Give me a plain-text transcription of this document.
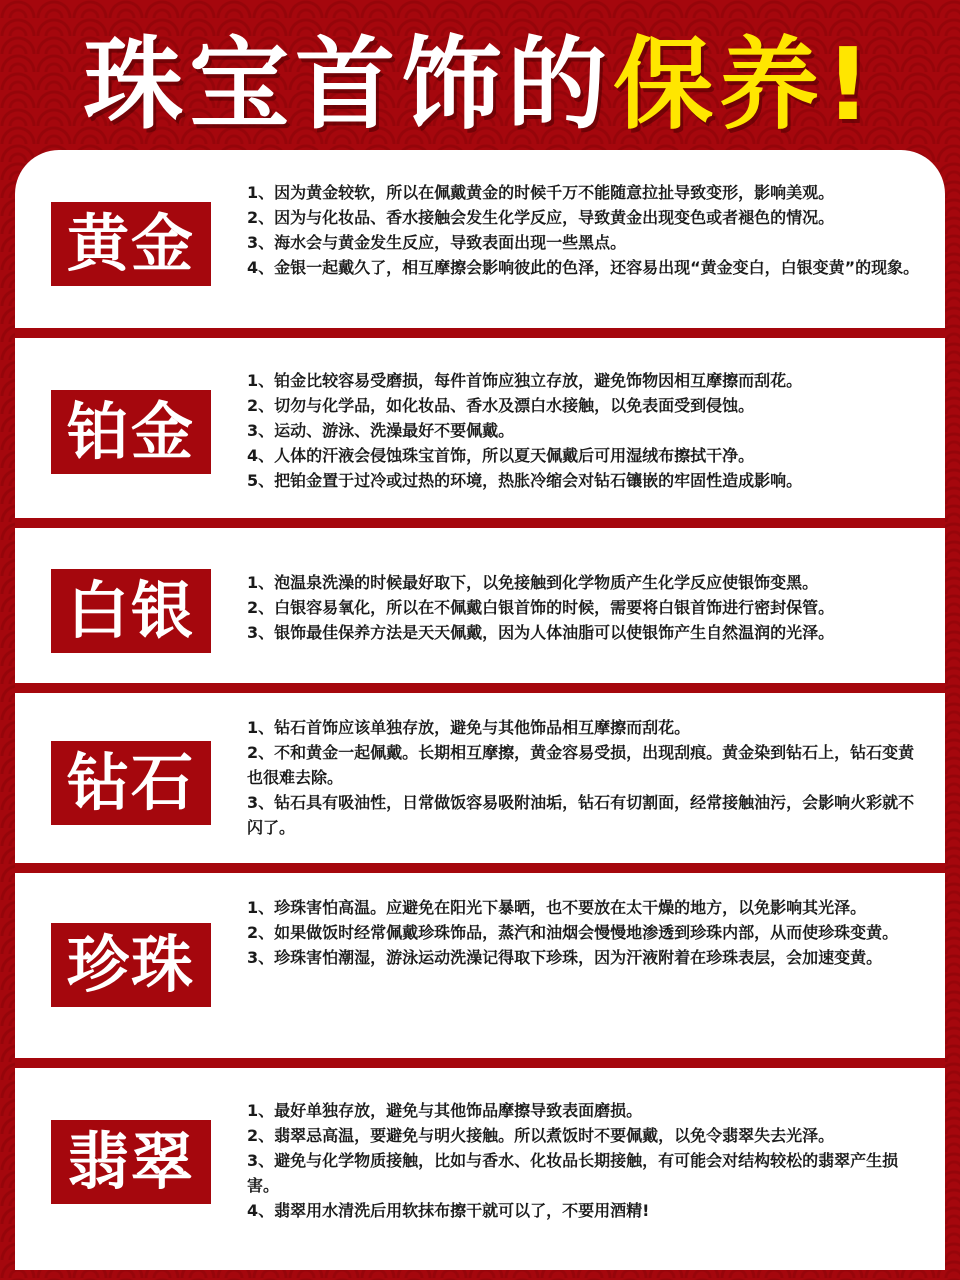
珠宝首饰的 保养!
黄金
1、因为黄金较软，所以在佩戴黄金的时候千万不能随意拉扯导致变形，影响美观。
2、因为与化妆品、香水接触会发生化学反应，导致黄金出现变色或者褪色的情况。
3、海水会与黄金发生反应，导致表面出现一些黑点。
4、金银一起戴久了，相互摩擦会影响彼此的色泽，还容易出现“黄金变白，白银变黄”的现象。
铂金
1、铂金比较容易受磨损，每件首饰应独立存放，避免饰物因相互摩擦而刮花。
2、切勿与化学品，如化妆品、香水及漂白水接触，以免表面受到侵蚀。
3、运动、游泳、洗澡最好不要佩戴。
4、人体的汗液会侵蚀珠宝首饰，所以夏天佩戴后可用湿绒布擦拭干净。
5、把铂金置于过冷或过热的环境，热胀冷缩会对钻石镶嵌的牢固性造成影响。
白银	1、泡温泉洗澡的时候最好取下，以免接触到化学物质产生化学反应使银饰变黑。
2、白银容易氧化，所以在不佩戴白银首饰的时候，需要将白银首饰进行密封保管。
3、银饰最佳保养方法是天天佩戴，因为人体油脂可以使银饰产生自然温润的光泽。
钻石
1、钻石首饰应该单独存放，避免与其他饰品相互摩擦而刮花。
2、不和黄金一起佩戴。长期相互摩擦，黄金容易受损，出现刮痕。黄金染到钻石上，钻石变黄也很难去除。
3、钻石具有吸油性，日常做饭容易吸附油垢，钻石有切割面，经常接触油污，会影响火彩就不闪了。
珍珠
1、珍珠害怕高温。应避免在阳光下暴晒，也不要放在太干燥的地方，以免影响其光泽。
2、如果做饭时经常佩戴珍珠饰品，蒸汽和油烟会慢慢地渗透到珍珠内部，从而使珍珠变黄。
3、珍珠害怕潮湿，游泳运动洗澡记得取下珍珠，因为汗液附着在珍珠表层，会加速变黄。
翡翠
1、最好单独存放，避免与其他饰品摩擦导致表面磨损。
2、翡翠忌高温，要避免与明火接触。所以煮饭时不要佩戴，以免令翡翠失去光泽。
3、避免与化学物质接触，比如与香水、化妆品长期接触，有可能会对结构较松的翡翠产生损害。
4、翡翠用水清洗后用软抹布擦干就可以了，不要用酒精!
